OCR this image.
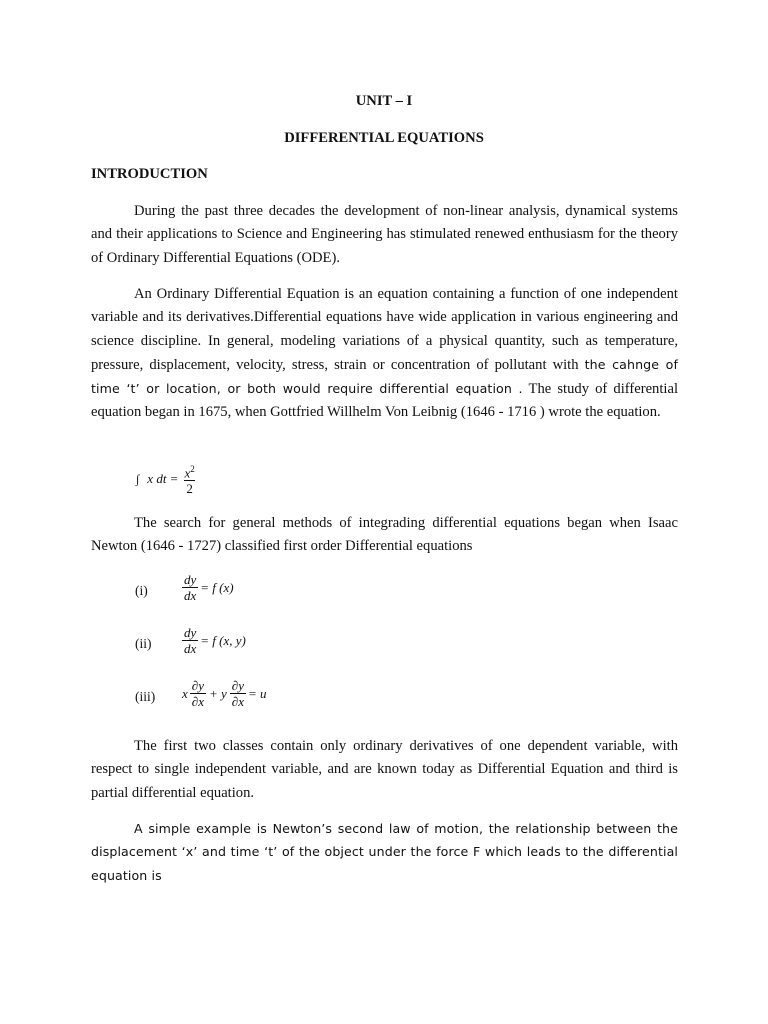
UNIT – I

DIFFERENTIAL EQUATIONS

INTRODUCTION

During the past three decades the development of non-linear analysis, dynamical systems and their applications to Science and Engineering has stimulated renewed enthusiasm for the theory of Ordinary Differential Equations (ODE).

An Ordinary Differential Equation is an equation containing a function of one independent variable and its derivatives.Differential equations have wide application in various engineering and science discipline. In general, modeling variations of a physical quantity, such as temperature, pressure, displacement, velocity, stress, strain or concentration of pollutant with the cahnge of time ‘t’ or location, or both would require differential equation . The study of differential equation began in 1675, when Gottfried Willhelm Von Leibnig (1646 - 1716 ) wrote the equation.

∫ x dt = $\frac{x^2}{2}$

The search for general methods of integrading differential equations began when Isaac Newton (1646 - 1727) classified first order Differential equations

(i)	$\frac{dy}{dx} = f$ (x)
$(ii) \frac{dy}{dx} = f$ (x, y)
(iii) x $\frac{\partial y}{\partial x} + y \frac{\partial y}{\partial x} = u$

The first two classes contain only ordinary derivatives of one dependent variable, with respect to single independent variable, and are known today as Differential Equation and third is partial differential equation.

A simple example is Newton’s second law of motion, the relationship between the displacement ‘x’ and time ‘t’ of the object under the force F which leads to the differential equation is
